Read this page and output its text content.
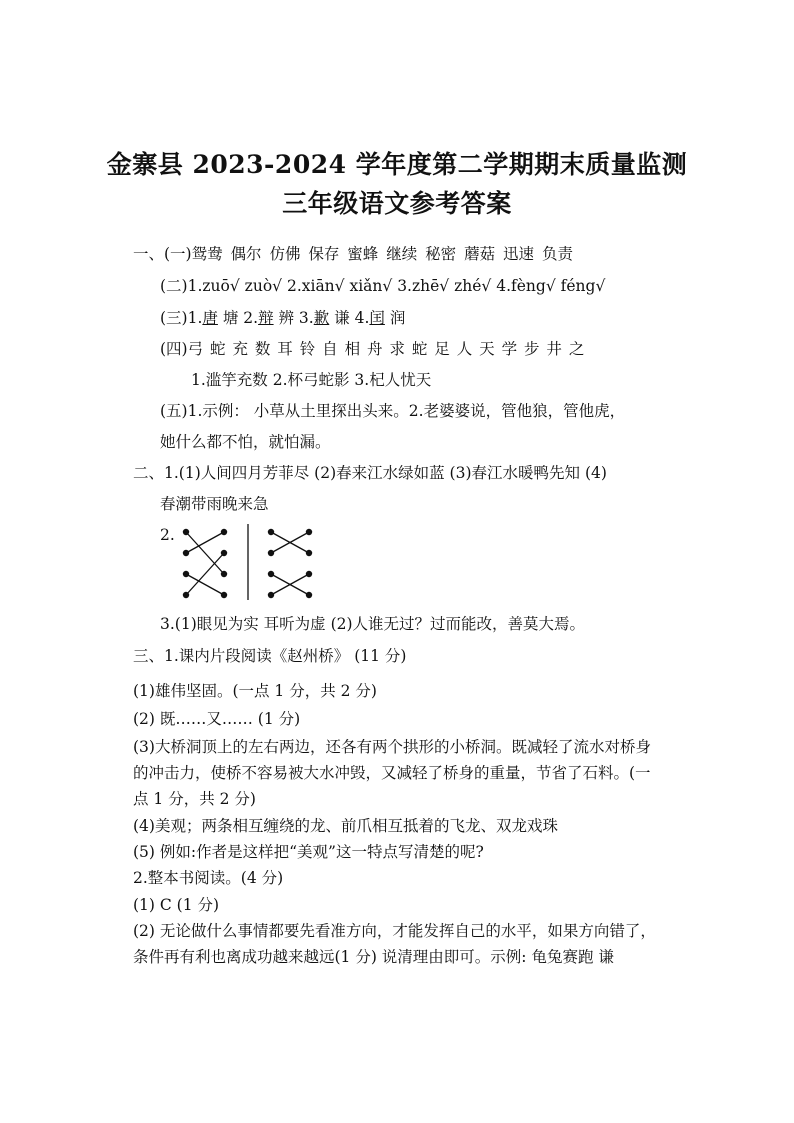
金寨县 2023-2024 学年度第二学期期末质量监测
三年级语文参考答案
一、(一)鸳鸯 偶尔 仿佛 保存 蜜蜂 继续 秘密 蘑菇 迅速 负责
(二)1.zuō√ zuò√ 2.xiān√ xiǎn√ 3.zhē√ zhé√ 4.fèng√ féng√
(三)1.唐 塘 2.辩 辨 3.歉 谦 4.闰 润
(四)弓 蛇 充 数 耳 铃 自 相 舟 求 蛇 足 人 天 学 步 井 之
1.滥竽充数 2.杯弓蛇影 3.杞人忧天
(五)1.示例： 小草从土里探出头来。2.老婆婆说，管他狼，管他虎，
她什么都不怕，就怕漏。
二、1.(1)人间四月芳菲尽 (2)春来江水绿如蓝 (3)春江水暖鸭先知 (4)
春潮带雨晚来急
2.
3.(1)眼见为实 耳听为虚 (2)人谁无过？过而能改，善莫大焉。
三、1.课内片段阅读《赵州桥》 (11 分)
(1)雄伟坚固。(一点 1 分，共 2 分)
(2) 既……又…… (1 分)
(3)大桥洞顶上的左右两边，还各有两个拱形的小桥洞。既减轻了流水对桥身
的冲击力，使桥不容易被大水冲毁，又减轻了桥身的重量，节省了石料。(一
点 1 分，共 2 分)
(4)美观；两条相互缠绕的龙、前爪相互抵着的飞龙、双龙戏珠
(5) 例如:作者是这样把“美观”这一特点写清楚的呢?
2.整本书阅读。(4 分)
(1) C (1 分)
(2) 无论做什么事情都要先看准方向，才能发挥自己的水平，如果方向错了，
条件再有利也离成功越来越远(1 分) 说清理由即可。示例: 龟兔赛跑 谦
